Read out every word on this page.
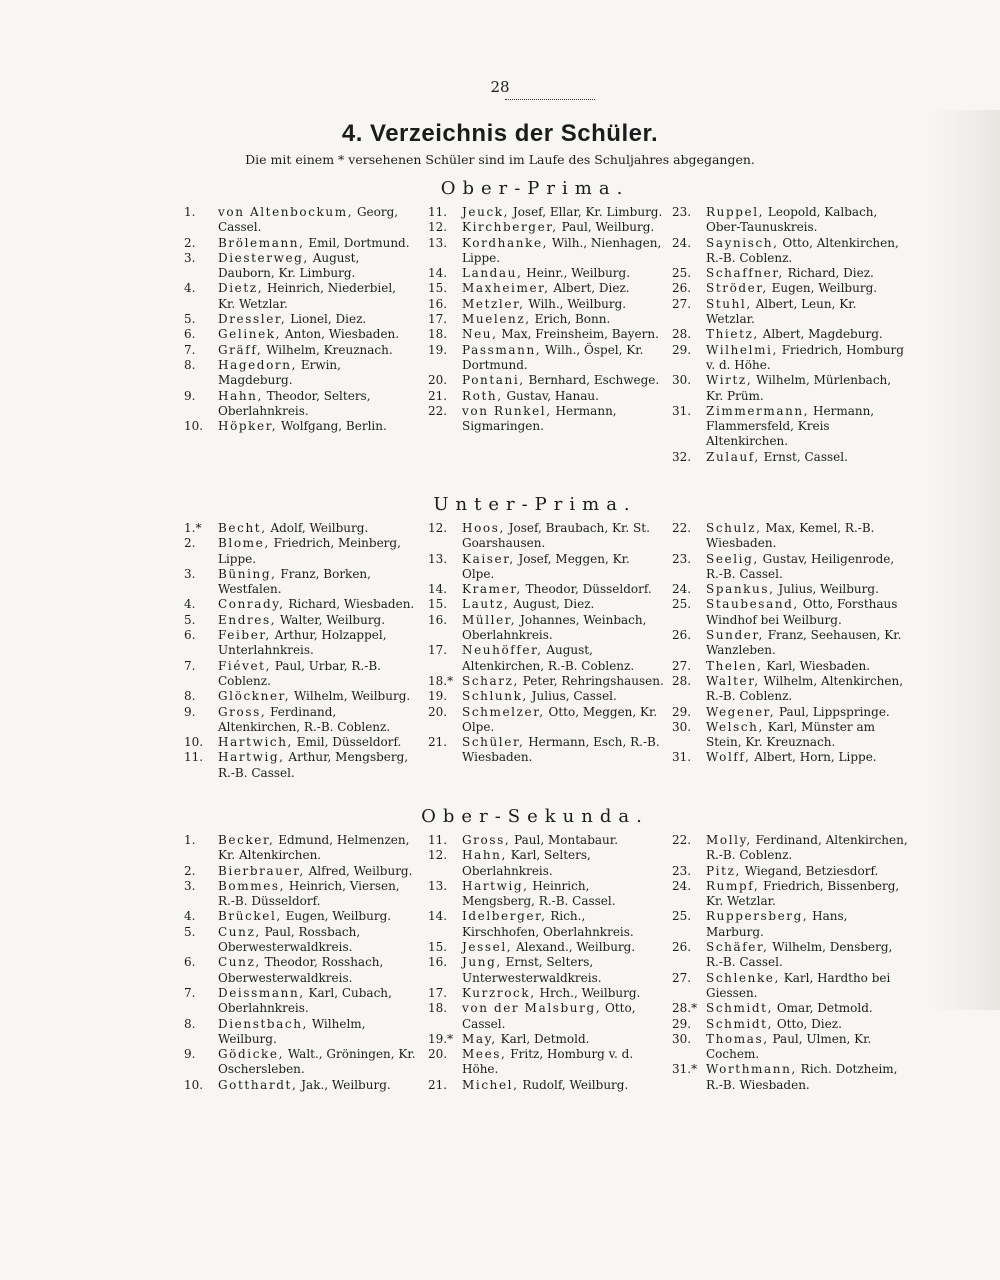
28
4. Verzeichnis der Schüler.
Die mit einem * versehenen Schüler sind im Laufe des Schuljahres abgegangen.
Ober-Prima.
1.	von Altenbockum, Georg, Cassel.
2.	Brölemann, Emil, Dortmund.
3.	Diesterweg, August, Dauborn, Kr. Limburg.
4.	Dietz, Heinrich, Niederbiel, Kr. Wetzlar.
5.	Dressler, Lionel, Diez.
6.	Gelinek, Anton, Wiesbaden.
7.	Gräff, Wilhelm, Kreuznach.
8.	Hagedorn, Erwin, Magdeburg.
9.	Hahn, Theodor, Selters, Oberlahnkreis.
10.	Höpker, Wolfgang, Berlin.
11.	Jeuck, Josef, Ellar, Kr. Limburg.
12.	Kirchberger, Paul, Weilburg.
13.	Kordhanke, Wilh., Nienhagen, Lippe.
14.	Landau, Heinr., Weilburg.
15.	Maxheimer, Albert, Diez.
16.	Metzler, Wilh., Weilburg.
17.	Muelenz, Erich, Bonn.
18.	Neu, Max, Freinsheim, Bayern.
19.	Passmann, Wilh., Öspel, Kr. Dortmund.
20.	Pontani, Bernhard, Eschwege.
21.	Roth, Gustav, Hanau.
22.	von Runkel, Hermann, Sigmaringen.
23.	Ruppel, Leopold, Kalbach, Ober-Taunuskreis.
24.	Saynisch, Otto, Altenkirchen, R.-B. Coblenz.
25.	Schaffner, Richard, Diez.
26.	Ströder, Eugen, Weilburg.
27.	Stuhl, Albert, Leun, Kr. Wetzlar.
28.	Thietz, Albert, Magdeburg.
29.	Wilhelmi, Friedrich, Homburg v. d. Höhe.
30.	Wirtz, Wilhelm, Mürlenbach, Kr. Prüm.
31.	Zimmermann, Hermann, Flammersfeld, Kreis Altenkirchen.
32.	Zulauf, Ernst, Cassel.
Unter-Prima.
1.*	Becht, Adolf, Weilburg.
2.	Blome, Friedrich, Meinberg, Lippe.
3.	Büning, Franz, Borken, Westfalen.
4.	Conrady, Richard, Wiesbaden.
5.	Endres, Walter, Weilburg.
6.	Feiber, Arthur, Holzappel, Unterlahnkreis.
7.	Fiévet, Paul, Urbar, R.-B. Coblenz.
8.	Glöckner, Wilhelm, Weilburg.
9.	Gross, Ferdinand, Altenkirchen, R.-B. Coblenz.
10.	Hartwich, Emil, Düsseldorf.
11.	Hartwig, Arthur, Mengsberg, R.-B. Cassel.
12.	Hoos, Josef, Braubach, Kr. St. Goarshausen.
13.	Kaiser, Josef, Meggen, Kr. Olpe.
14.	Kramer, Theodor, Düsseldorf.
15.	Lautz, August, Diez.
16.	Müller, Johannes, Weinbach, Oberlahnkreis.
17.	Neuhöffer, August, Altenkirchen, R.-B. Coblenz.
18.* Scharz, Peter, Rehringshausen.
19.	Schlunk, Julius, Cassel.
20.	Schmelzer, Otto, Meggen, Kr. Olpe.
21.	Schüler, Hermann, Esch, R.-B. Wiesbaden.
22.	Schulz, Max, Kemel, R.-B. Wiesbaden.
23.	Seelig, Gustav, Heiligenrode, R.-B. Cassel.
24.	Spankus, Julius, Weilburg.
25.	Staubesand, Otto, Forsthaus Windhof bei Weilburg.
26.	Sunder, Franz, Seehausen, Kr. Wanzleben.
27.	Thelen, Karl, Wiesbaden.
28.	Walter, Wilhelm, Altenkirchen, R.-B. Coblenz.
29.	Wegener, Paul, Lippspringe.
30.	Welsch, Karl, Münster am Stein, Kr. Kreuznach.
31.	Wolff, Albert, Horn, Lippe.
Ober-Sekunda.
1.	Becker, Edmund, Helmenzen, Kr. Altenkirchen.
2.	Bierbrauer, Alfred, Weilburg.
3.	Bommes, Heinrich, Viersen, R.-B. Düsseldorf.
4.	Brückel, Eugen, Weilburg.
5.	Cunz, Paul, Rossbach, Oberwesterwaldkreis.
6.	Cunz, Theodor, Rosshach, Oberwesterwaldkreis.
7.	Deissmann, Karl, Cubach, Oberlahnkreis.
8.	Dienstbach, Wilhelm, Weilburg.
9.	Gödicke, Walt., Gröningen, Kr. Oschersleben.
10.	Gotthardt, Jak., Weilburg.
11.	Gross, Paul, Montabaur.
12.	Hahn, Karl, Selters, Oberlahnkreis.
13.	Hartwig, Heinrich, Mengsberg, R.-B. Cassel.
14.	Idelberger, Rich., Kirschhofen, Oberlahnkreis.
15.	Jessel, Alexand., Weilburg.
16.	Jung, Ernst, Selters, Unterwesterwaldkreis.
17.	Kurzrock, Hrch., Weilburg.
18.	von der Malsburg, Otto, Cassel.
19.* May, Karl, Detmold.
20.	Mees, Fritz, Homburg v. d. Höhe.
21.	Michel, Rudolf, Weilburg.
22.	Molly, Ferdinand, Altenkirchen, R.-B. Coblenz.
23.	Pitz, Wiegand, Betziesdorf.
24.	Rumpf, Friedrich, Bissenberg, Kr. Wetzlar.
25.	Ruppersberg, Hans, Marburg.
26.	Schäfer, Wilhelm, Densberg, R.-B. Cassel.
27.	Schlenke, Karl, Hardtho bei Giessen.
28.* Schmidt, Omar, Detmold.
29.	Schmidt, Otto, Diez.
30.	Thomas, Paul, Ulmen, Kr. Cochem.
31.* Worthmann, Rich. Dotzheim, R.-B. Wiesbaden.
